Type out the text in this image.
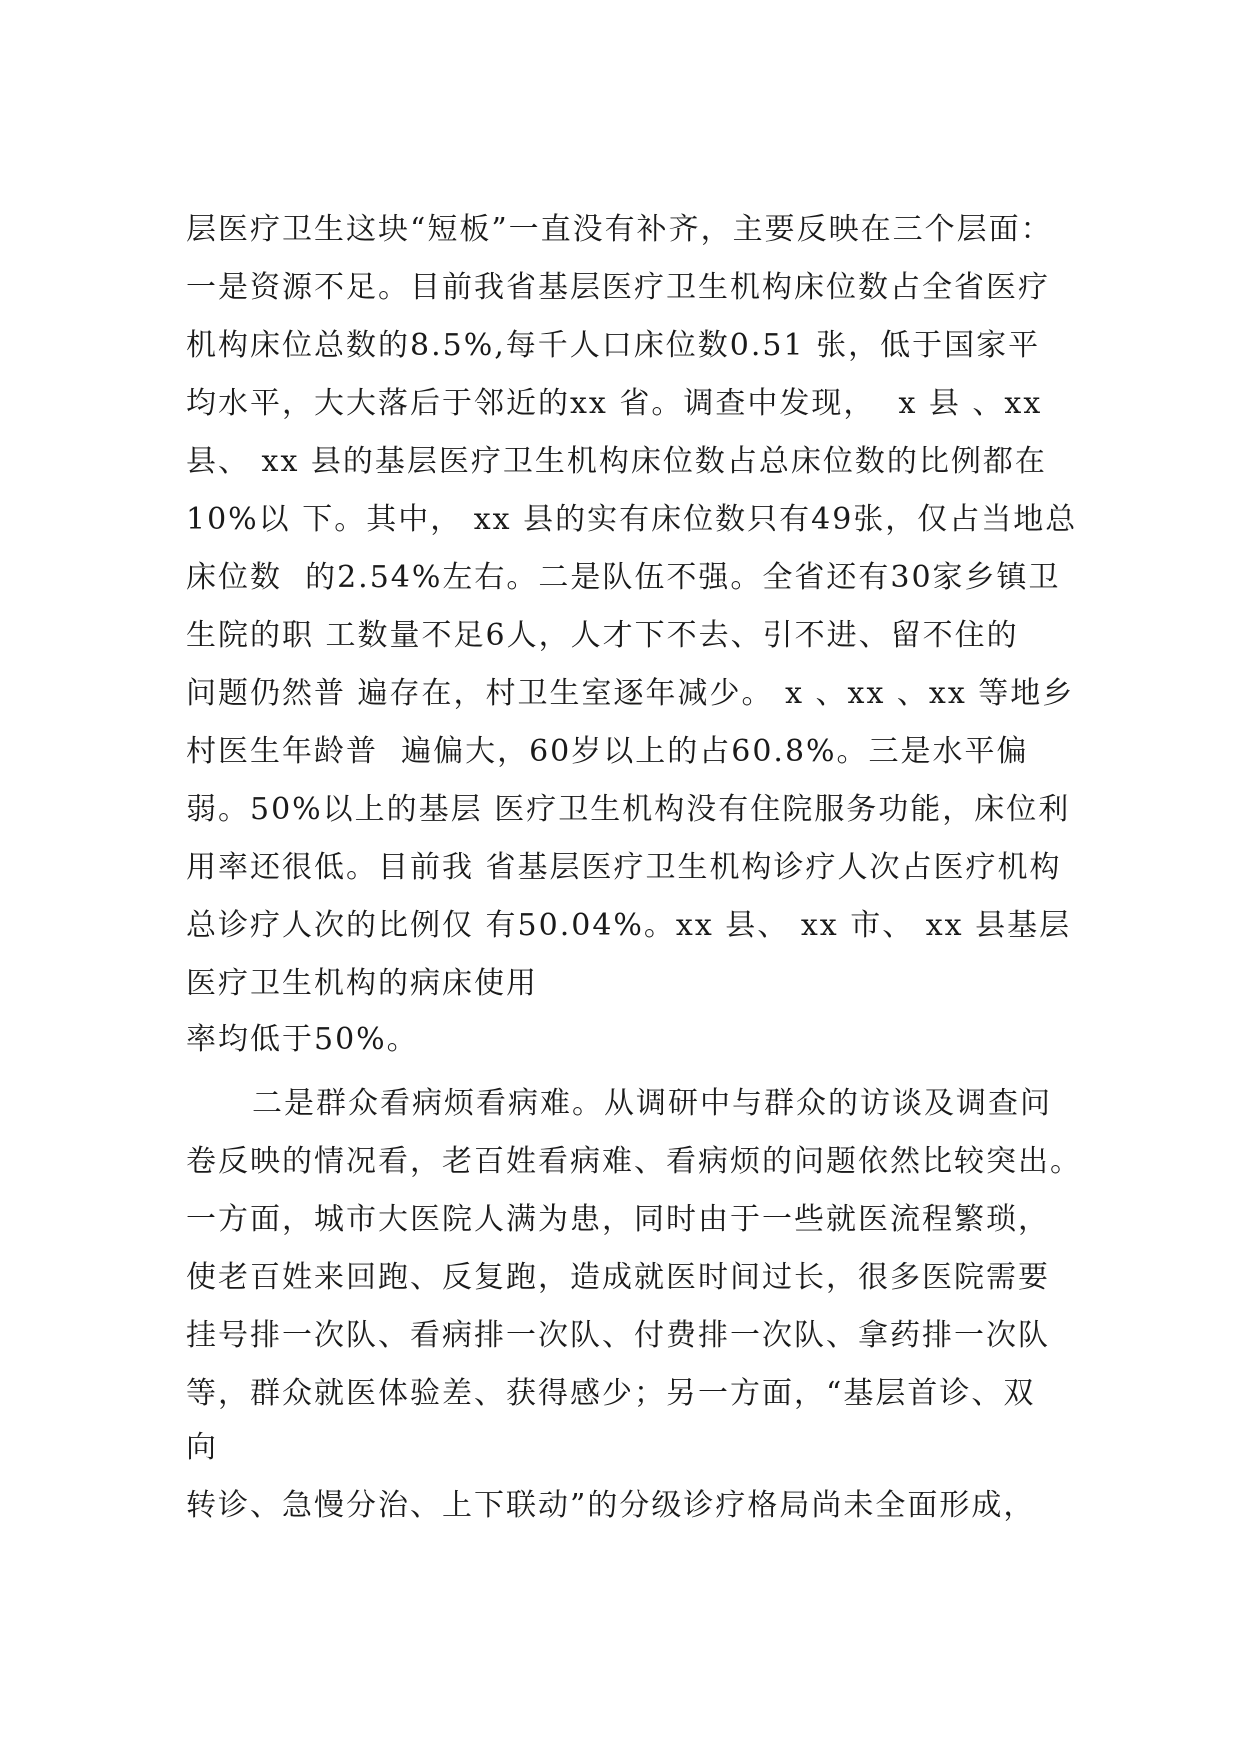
层医疗卫生这块“短板”一直没有补齐，主要反映在三个层面：
一是资源不足。目前我省基层医疗卫生机构床位数占全省医疗
机构床位总数的8.5%,每千人口床位数0.51 张，低于国家平
均水平，大大落后于邻近的xx 省。调查中发现，  x 县 、xx
县、 xx 县的基层医疗卫生机构床位数占总床位数的比例都在
10%以 下。其中， xx 县的实有床位数只有49张，仅占当地总
床位数  的2.54%左右。二是队伍不强。全省还有30家乡镇卫
生院的职 工数量不足6人，人才下不去、引不进、留不住的
问题仍然普 遍存在，村卫生室逐年减少。 x 、xx 、xx 等地乡
村医生年龄普  遍偏大，60岁以上的占60.8%。三是水平偏
弱。50%以上的基层 医疗卫生机构没有住院服务功能，床位利
用率还很低。目前我 省基层医疗卫生机构诊疗人次占医疗机构
总诊疗人次的比例仅 有50.04%。xx 县、 xx 市、 xx 县基层
医疗卫生机构的病床使用
率均低于50%。
二是群众看病烦看病难。从调研中与群众的访谈及调查问
卷反映的情况看，老百姓看病难、看病烦的问题依然比较突出。
一方面，城市大医院人满为患，同时由于一些就医流程繁琐，
使老百姓来回跑、反复跑，造成就医时间过长，很多医院需要
挂号排一次队、看病排一次队、付费排一次队、拿药排一次队
等，群众就医体验差、获得感少；另一方面，“基层首诊、双
向
转诊、急慢分治、上下联动”的分级诊疗格局尚未全面形成，
